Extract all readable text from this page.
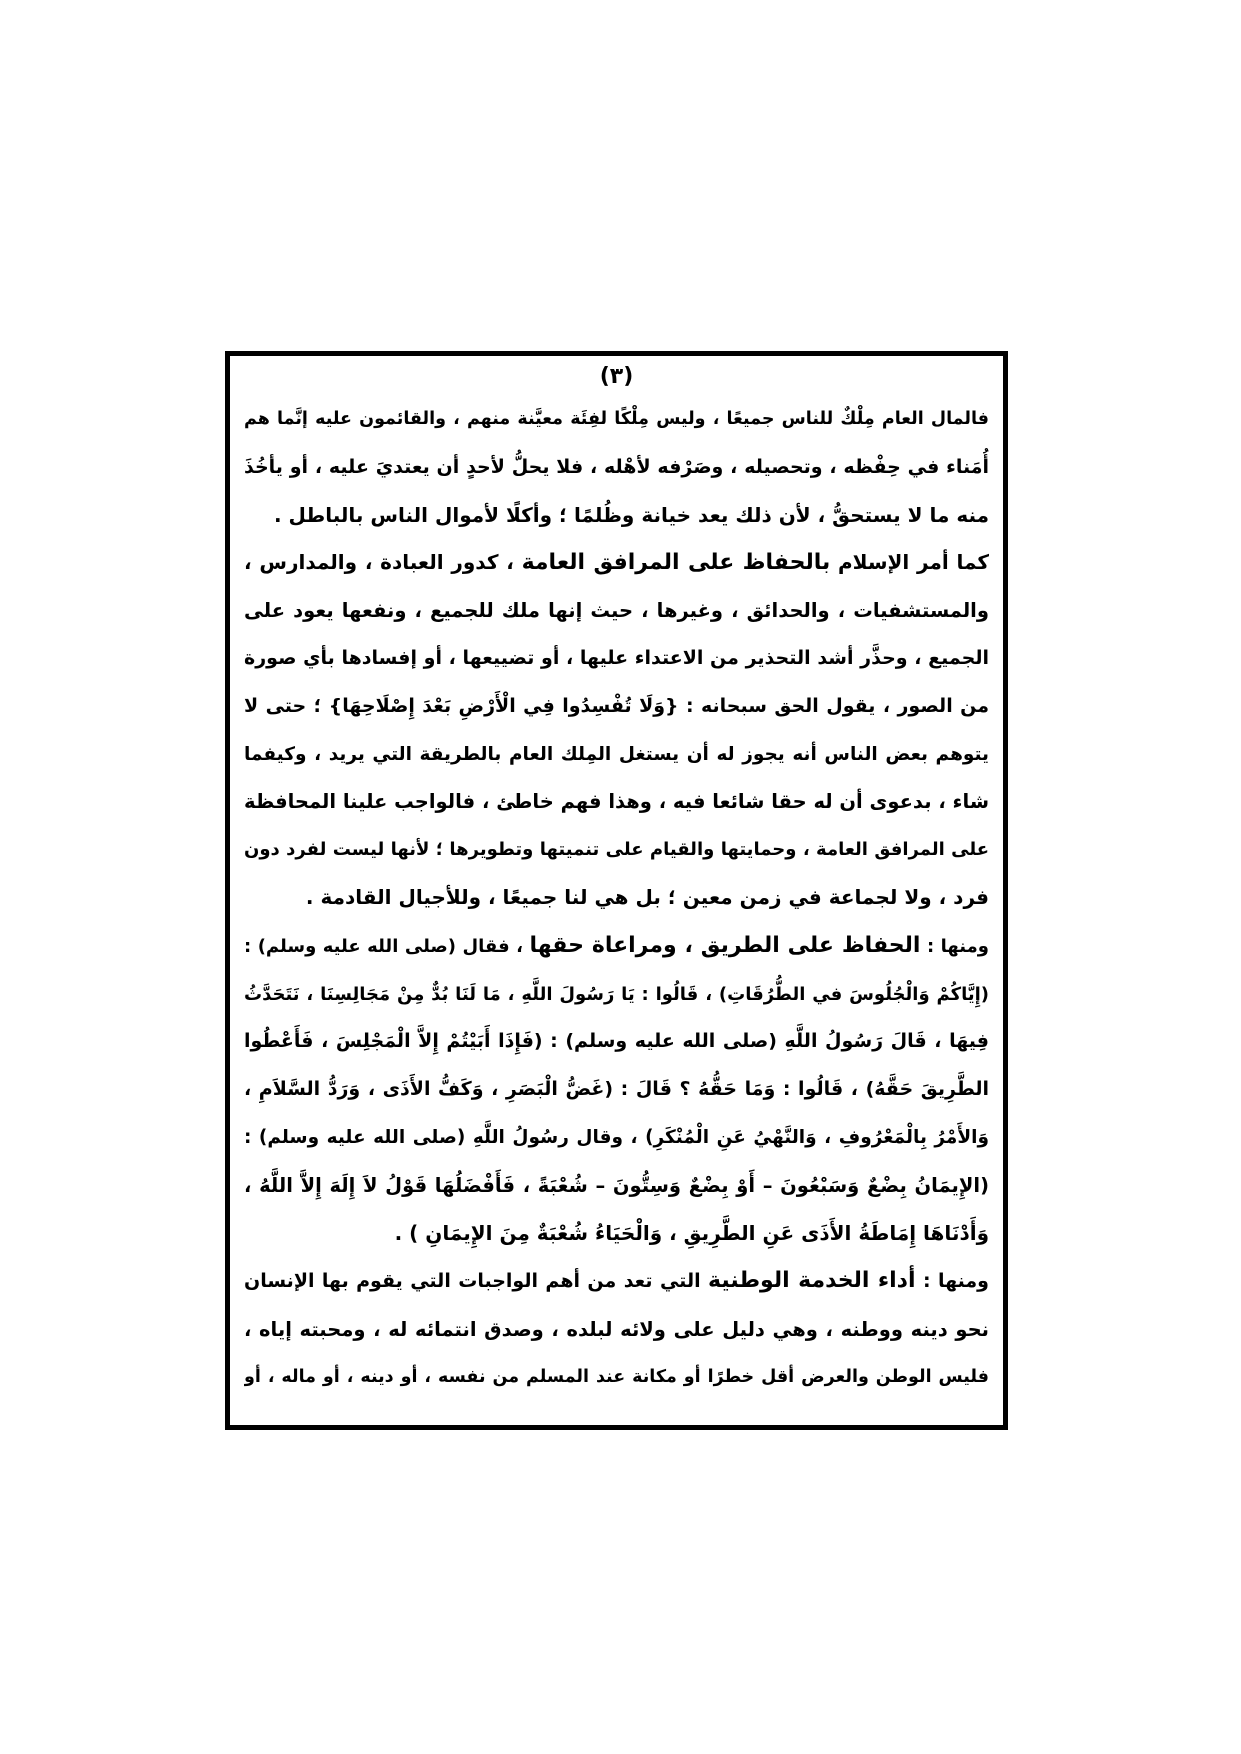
(٣)

فالمال العام مِلْكٌ للناس جميعًا ، وليس مِلْكًا لفِئَة معيَّنة منهم ، والقائمون عليه إنَّما هم
أُمَناء في حِفْظه ، وتحصيله ، وصَرْفه لأهْله ، فلا يحلُّ لأحدٍ أن يعتديَ عليه ، أو يأخُذَ
منه ما لا يستحقُّ ، لأن ذلك يعد خيانة وظُلمًا ؛ وأكلًا لأموال الناس بالباطل .

كما أمر الإسلام بالحفاظ على المرافق العامة ، كدور العبادة ، والمدارس ،
والمستشفيات ، والحدائق ، وغيرها ، حيث إنها ملك للجميع ، ونفعها يعود على
الجميع ، وحذَّر أشد التحذير من الاعتداء عليها ، أو تضييعها ، أو إفسادها بأي صورة
من الصور ، يقول الحق سبحانه : {وَلَا تُفْسِدُوا فِي الْأَرْضِ بَعْدَ إِصْلَاحِهَا} ؛ حتى لا
يتوهم بعض الناس أنه يجوز له أن يستغل المِلك العام بالطريقة التي يريد ، وكيفما
شاء ، بدعوى أن له حقا شائعا فيه ، وهذا فهم خاطئ ، فالواجب علينا المحافظة
على المرافق العامة ، وحمايتها والقيام على تنميتها وتطويرها ؛ لأنها ليست لفرد دون
فرد ، ولا لجماعة في زمن معين ؛ بل هي لنا جميعًا ، وللأجيال القادمة .

ومنها : الحفاظ على الطريق ، ومراعاة حقها ، فقال (صلى الله عليه وسلم) :
(إِيَّاكُمْ وَالْجُلُوسَ في الطُّرُقَاتِ) ، قَالُوا : يَا رَسُولَ اللَّهِ ، مَا لَنَا بُدٌّ مِنْ مَجَالِسِنَا ، نَتَحَدَّثُ
فِيهَا ، قَالَ رَسُولُ اللَّهِ (صلى الله عليه وسلم) : (فَإِذَا أَبَيْتُمْ إِلاَّ الْمَجْلِسَ ، فَأَعْطُوا
الطَّرِيقَ حَقَّهُ) ، قَالُوا : وَمَا حَقُّهُ ؟ قَالَ : (غَضُّ الْبَصَرِ ، وَكَفُّ الأَذَى ، وَرَدُّ السَّلاَمِ ،
وَالأَمْرُ بِالْمَعْرُوفِ ، وَالنَّهْيُ عَنِ الْمُنْكَرِ) ، وقال رسُولُ اللَّهِ (صلى الله عليه وسلم) :
(الإِيمَانُ بِضْعٌ وَسَبْعُونَ – أَوْ بِضْعٌ وَسِتُّونَ – شُعْبَةً ، فَأَفْضَلُهَا قَوْلُ لاَ إِلَهَ إِلاَّ اللَّهُ ،
وَأَدْنَاهَا إِمَاطَةُ الأَذَى عَنِ الطَّرِيقِ ، وَالْحَيَاءُ شُعْبَةٌ مِنَ الإِيمَانِ ) .

ومنها : أداء الخدمة الوطنية التي تعد من أهم الواجبات التي يقوم بها الإنسان
نحو دينه ووطنه ، وهي دليل على ولائه لبلده ، وصدق انتمائه له ، ومحبته إياه ،
فليس الوطن والعرض أقل خطرًا أو مكانة عند المسلم من نفسه ، أو دينه ، أو ماله ، أو
